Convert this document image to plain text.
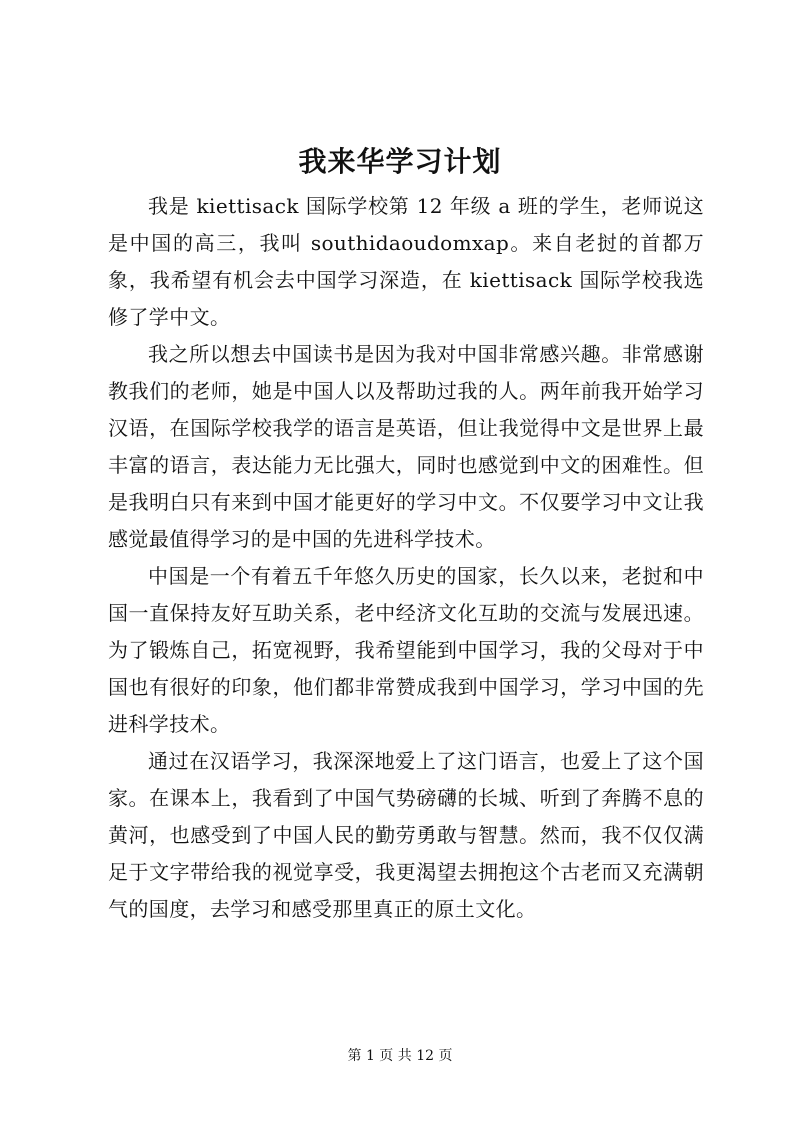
我来华学习计划

我是 kiettisack 国际学校第 12 年级 a 班的学生，老师说这是中国的高三，我叫 southidaoudomxap。来自老挝的首都万象，我希望有机会去中国学习深造，在 kiettisack 国际学校我选修了学中文。

我之所以想去中国读书是因为我对中国非常感兴趣。非常感谢教我们的老师，她是中国人以及帮助过我的人。两年前我开始学习汉语，在国际学校我学的语言是英语，但让我觉得中文是世界上最丰富的语言，表达能力无比强大，同时也感觉到中文的困难性。但是我明白只有来到中国才能更好的学习中文。不仅要学习中文让我感觉最值得学习的是中国的先进科学技术。

中国是一个有着五千年悠久历史的国家，长久以来，老挝和中国一直保持友好互助关系，老中经济文化互助的交流与发展迅速。为了锻炼自己，拓宽视野，我希望能到中国学习，我的父母对于中国也有很好的印象，他们都非常赞成我到中国学习，学习中国的先进科学技术。

通过在汉语学习，我深深地爱上了这门语言，也爱上了这个国家。在课本上，我看到了中国气势磅礴的长城、听到了奔腾不息的黄河，也感受到了中国人民的勤劳勇敢与智慧。然而，我不仅仅满足于文字带给我的视觉享受，我更渴望去拥抱这个古老而又充满朝气的国度，去学习和感受那里真正的原土文化。

第 1 页 共 12 页
